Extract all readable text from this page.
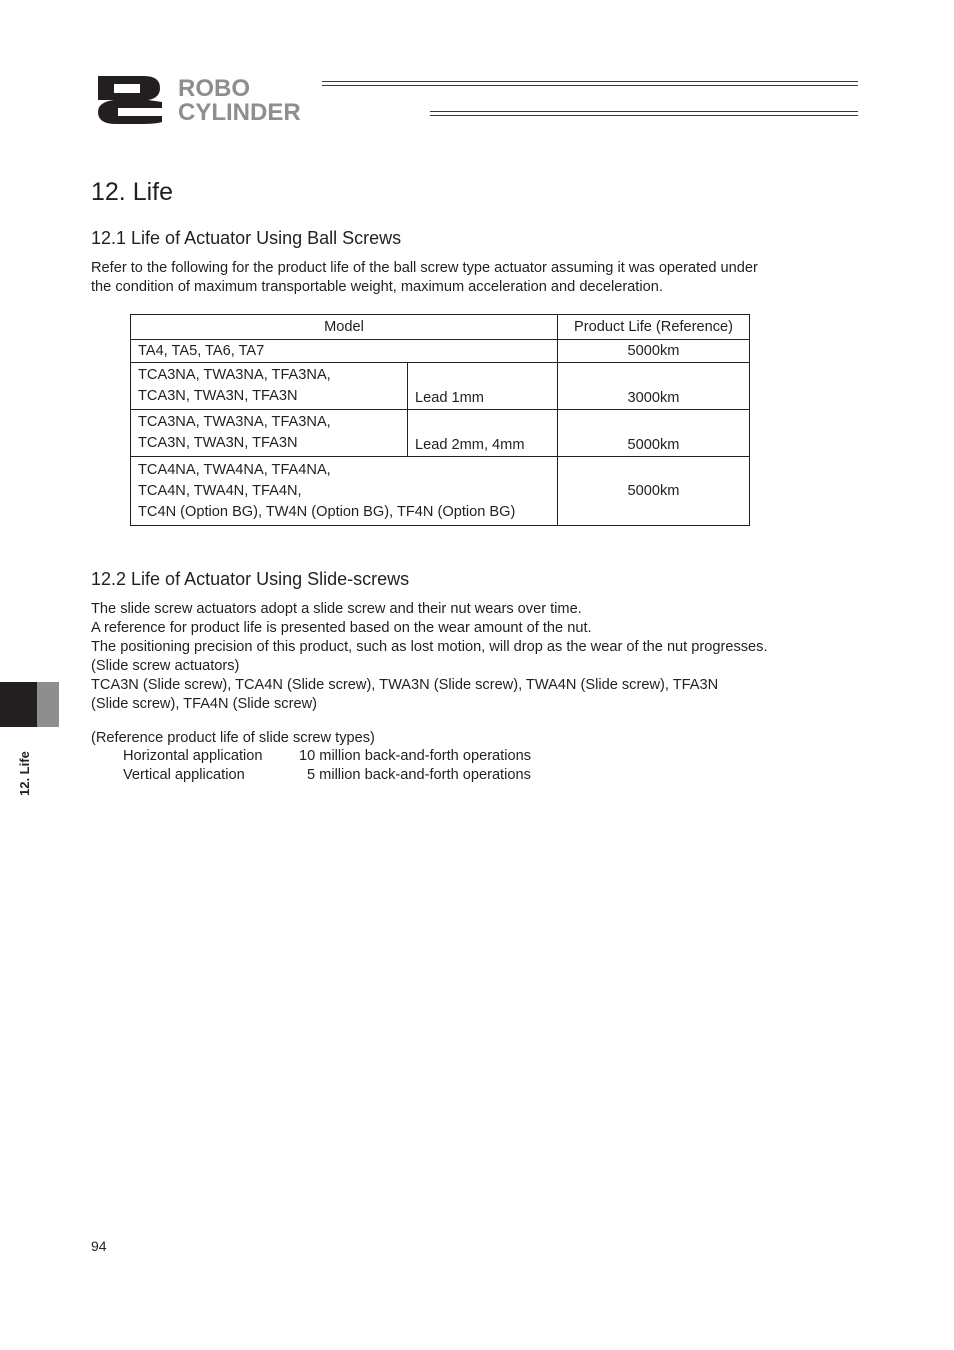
ROBO
CYLINDER
12. Life
12.1 Life of Actuator Using Ball Screws

Refer to the following for the product life of the ball screw type actuator assuming it was operated under
the condition of maximum transportable weight, maximum acceleration and deceleration.

Model		Product Life (Reference)
TA4, TA5, TA6, TA7		5000km
TCA3NA, TWA3NA, TFA3NA,
TCA3N, TWA3N, TFA3N	Lead 1mm	3000km
TCA3NA, TWA3NA, TFA3NA,
TCA3N, TWA3N, TFA3N	Lead 2mm, 4mm	5000km
TCA4NA, TWA4NA, TFA4NA,
TCA4N, TWA4N, TFA4N,
TC4N (Option BG), TW4N (Option BG), TF4N (Option BG)		5000km
12.2 Life of Actuator Using Slide-screws

The slide screw actuators adopt a slide screw and their nut wears over time.
A reference for product life is presented based on the wear amount of the nut.
The positioning precision of this product, such as lost motion, will drop as the wear of the nut progresses.
(Slide screw actuators)
TCA3N (Slide screw), TCA4N (Slide screw), TWA3N (Slide screw), TWA4N (Slide screw), TFA3N
(Slide screw), TFA4N (Slide screw)

(Reference product life of slide screw types)
Horizontal application 10 million back-and-forth operations
Vertical application	5 million back-and-forth operations
12. Life
94
